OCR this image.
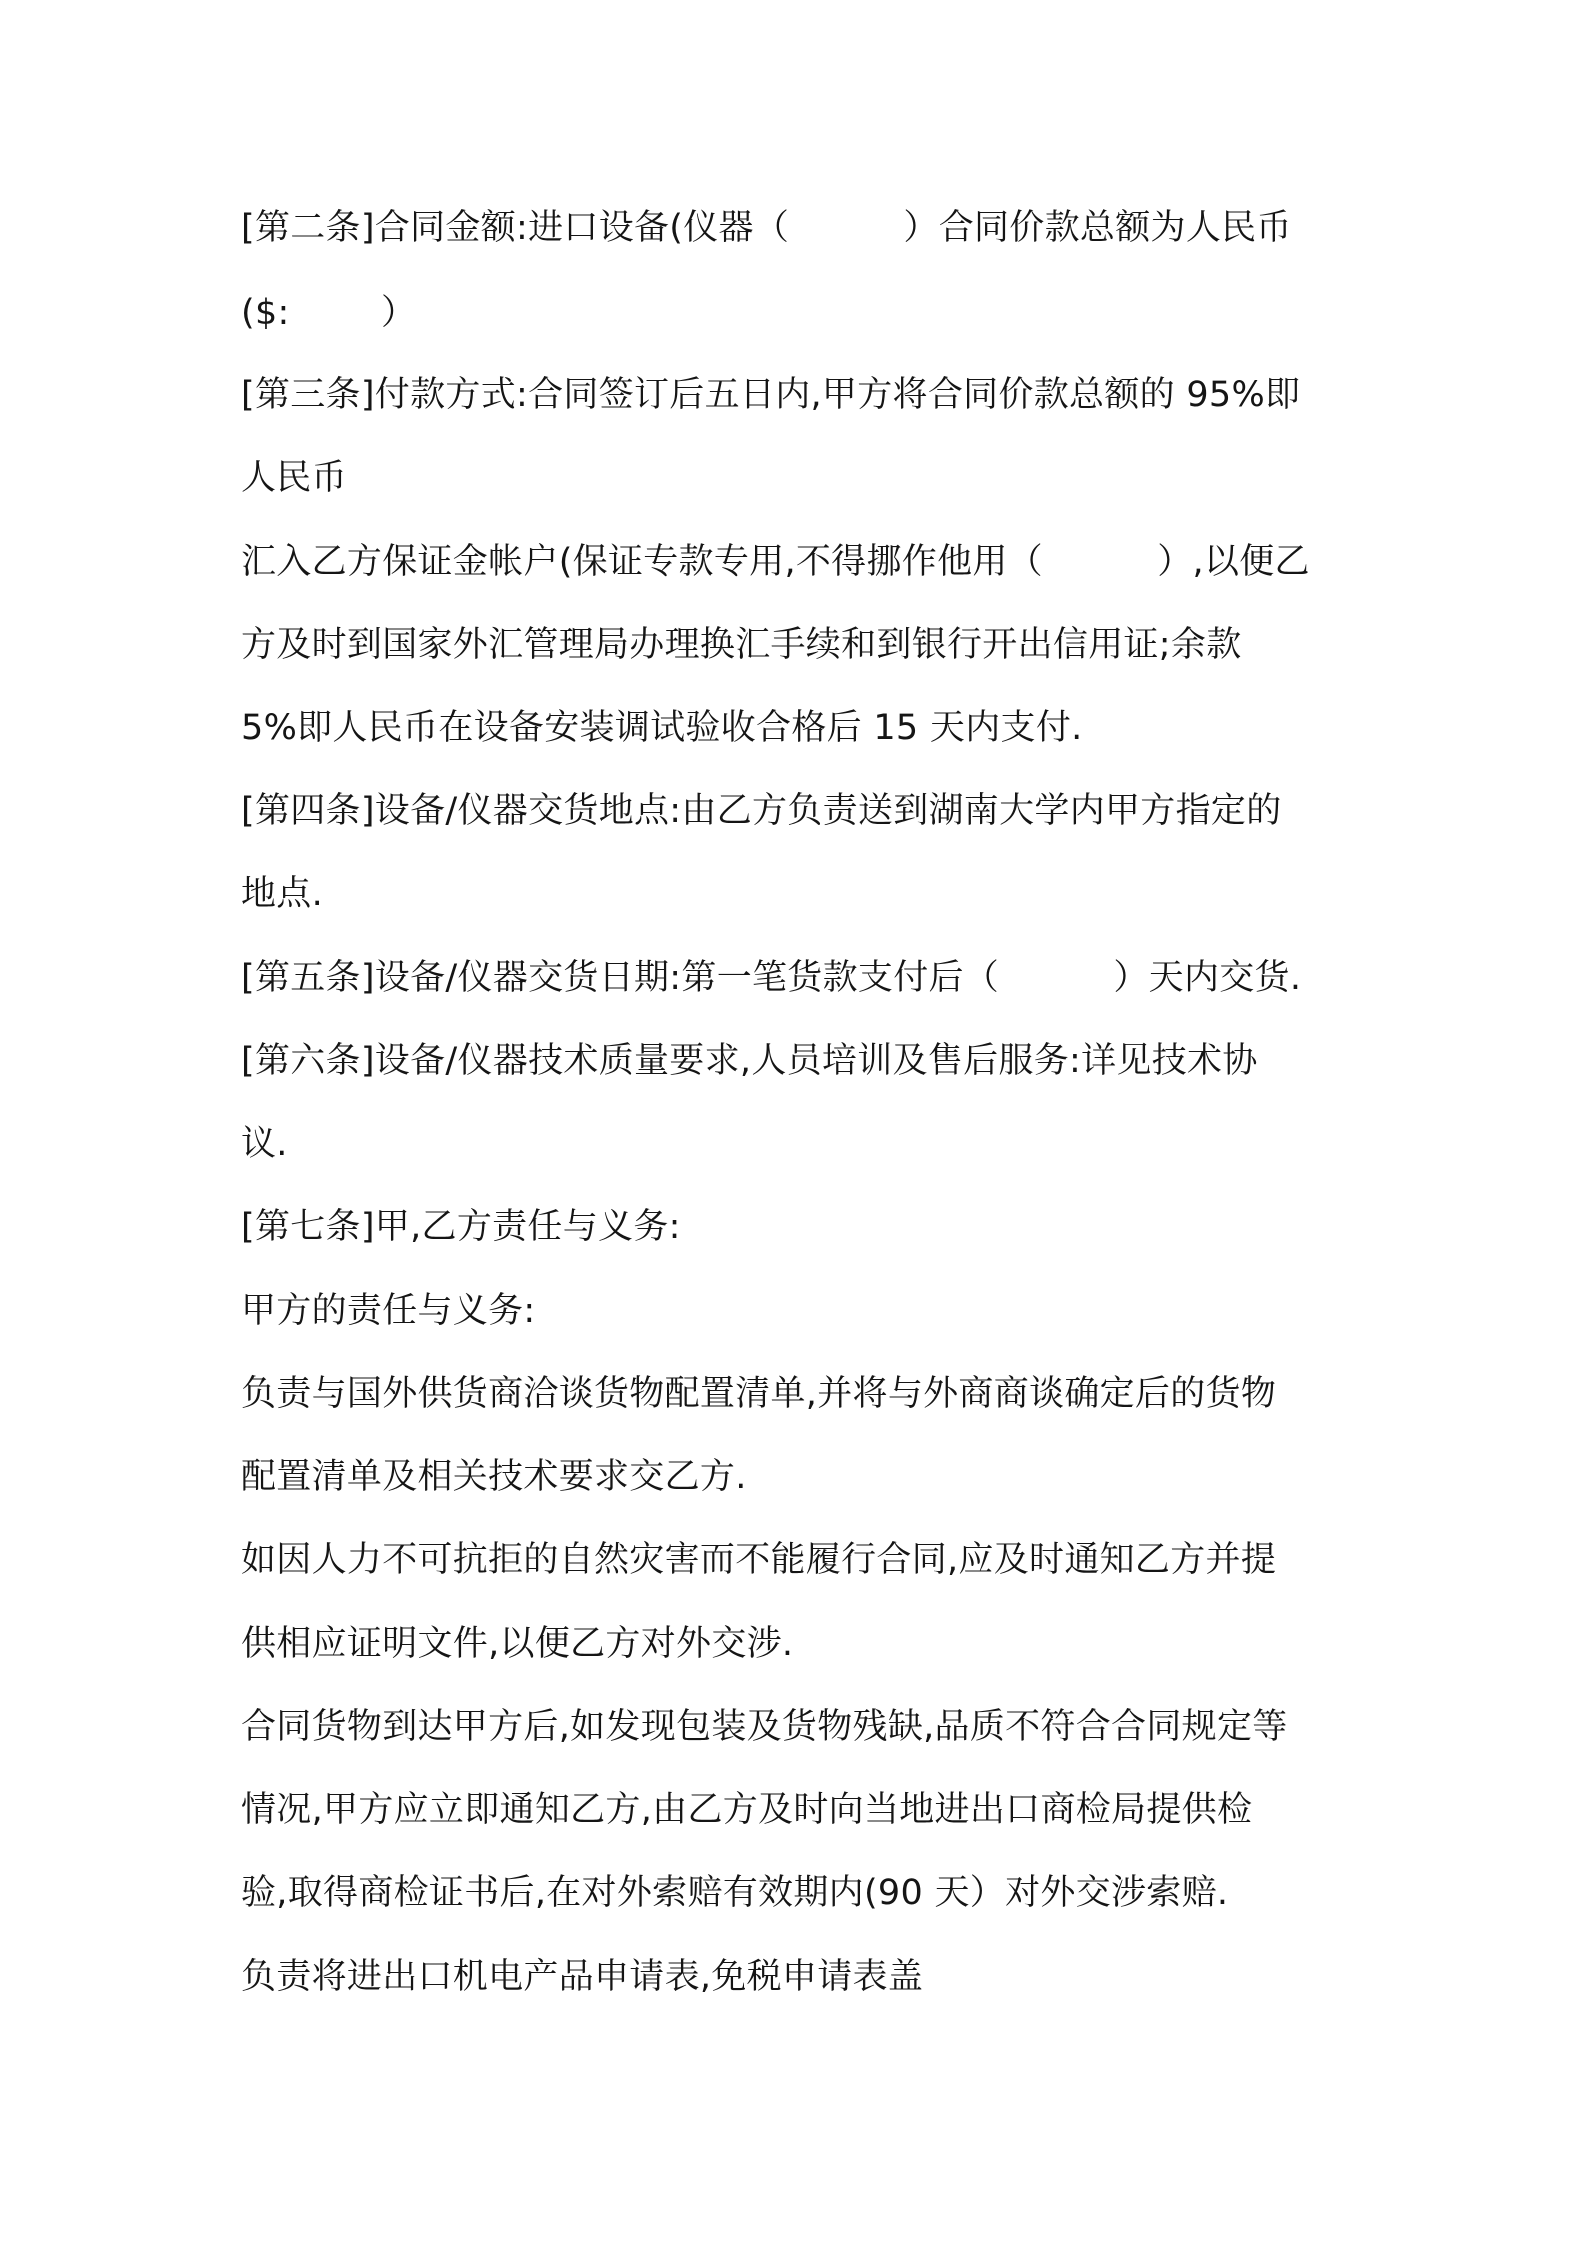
[第二条]合同金额:进口设备(仪器（          ）合同价款总额为人民币
($:        ）
[第三条]付款方式:合同签订后五日内,甲方将合同价款总额的 95%即
人民币
汇入乙方保证金帐户(保证专款专用,不得挪作他用（          ）,以便乙
方及时到国家外汇管理局办理换汇手续和到银行开出信用证;余款
5%即人民币在设备安装调试验收合格后 15 天内支付.
[第四条]设备/仪器交货地点:由乙方负责送到湖南大学内甲方指定的
地点.
[第五条]设备/仪器交货日期:第一笔货款支付后（          ）天内交货.
[第六条]设备/仪器技术质量要求,人员培训及售后服务:详见技术协
议.
[第七条]甲,乙方责任与义务:
甲方的责任与义务:
负责与国外供货商洽谈货物配置清单,并将与外商商谈确定后的货物
配置清单及相关技术要求交乙方.
如因人力不可抗拒的自然灾害而不能履行合同,应及时通知乙方并提
供相应证明文件,以便乙方对外交涉.
合同货物到达甲方后,如发现包装及货物残缺,品质不符合合同规定等
情况,甲方应立即通知乙方,由乙方及时向当地进出口商检局提供检
验,取得商检证书后,在对外索赔有效期内(90 天）对外交涉索赔.
负责将进出口机电产品申请表,免税申请表盖
